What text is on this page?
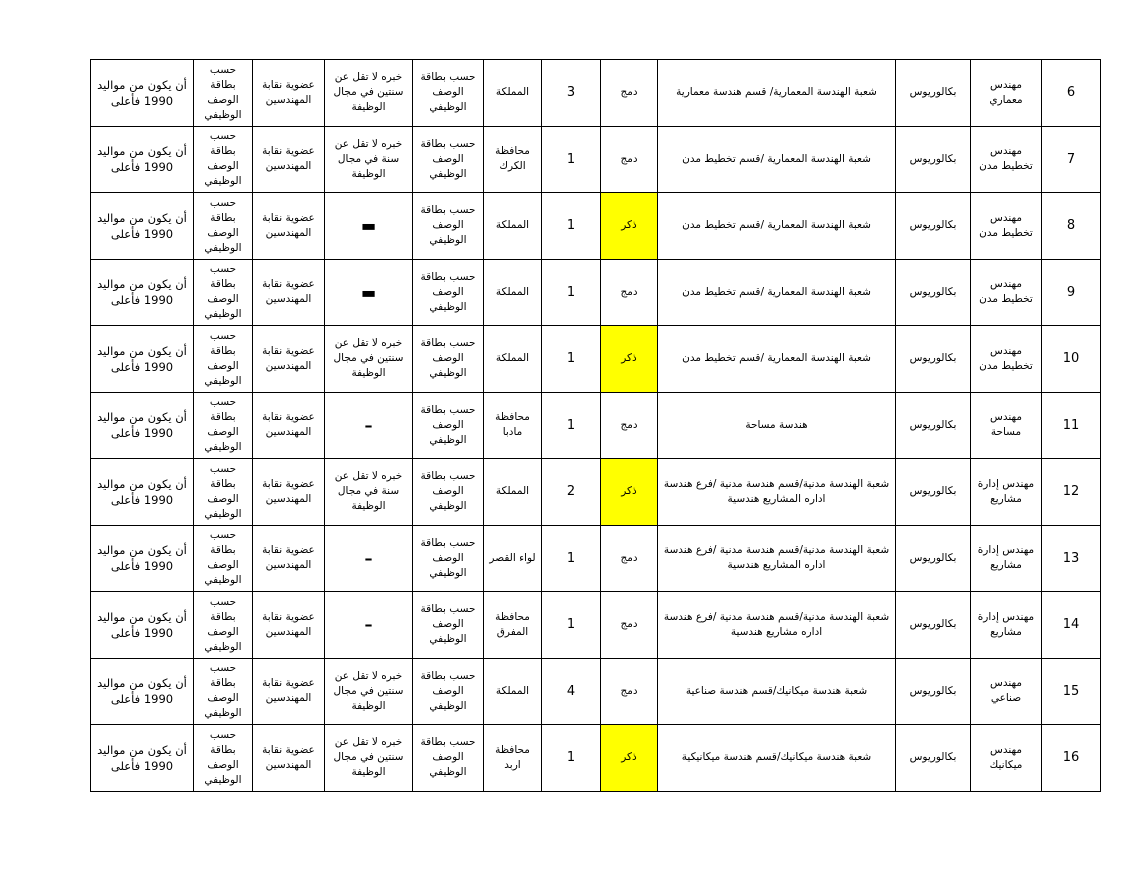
6	مهندس معماري	بكالوريوس	شعبة الهندسة المعمارية/ قسم هندسة معمارية	دمج	3	المملكة	حسب بطاقة الوصف الوظيفي	خبره لا تقل عن سنتين في مجال الوظيفة	عضوية نقابة المهندسين	حسب بطاقة الوصف الوظيفي	أن يكون من مواليد 1990 فأعلى
7	مهندس تخطيط مدن	بكالوريوس	شعبة الهندسة المعمارية /قسم تخطيط مدن	دمج	1	محافظة الكرك	حسب بطاقة الوصف الوظيفي	خبره لا تقل عن سنة في مجال الوظيفة	عضوية نقابة المهندسين	حسب بطاقة الوصف الوظيفي	أن يكون من مواليد 1990 فأعلى
8	مهندس تخطيط مدن	بكالوريوس	شعبة الهندسة المعمارية /قسم تخطيط مدن	ذكر	1	المملكة	حسب بطاقة الوصف الوظيفي	▬	عضوية نقابة المهندسين	حسب بطاقة الوصف الوظيفي	أن يكون من مواليد 1990 فأعلى
9	مهندس تخطيط مدن	بكالوريوس	شعبة الهندسة المعمارية /قسم تخطيط مدن	دمج	1	المملكة	حسب بطاقة الوصف الوظيفي	▬	عضوية نقابة المهندسين	حسب بطاقة الوصف الوظيفي	أن يكون من مواليد 1990 فأعلى
10	مهندس تخطيط مدن	بكالوريوس	شعبة الهندسة المعمارية /قسم تخطيط مدن	ذكر	1	المملكة	حسب بطاقة الوصف الوظيفي	خبره لا تقل عن سنتين في مجال الوظيفة	عضوية نقابة المهندسين	حسب بطاقة الوصف الوظيفي	أن يكون من مواليد 1990 فأعلى
11	مهندس مساحة	بكالوريوس	هندسة مساحة	دمج	1	محافظة مادبا	حسب بطاقة الوصف الوظيفي	–	عضوية نقابة المهندسين	حسب بطاقة الوصف الوظيفي	أن يكون من مواليد 1990 فأعلى
12	مهندس إدارة مشاريع	بكالوريوس	شعبة الهندسة مدنية/قسم هندسة مدنية /فرع هندسة اداره المشاريع هندسية	ذكر	2	المملكة	حسب بطاقة الوصف الوظيفي	خبره لا تقل عن سنة في مجال الوظيفة	عضوية نقابة المهندسين	حسب بطاقة الوصف الوظيفي	أن يكون من مواليد 1990 فأعلى
13	مهندس إدارة مشاريع	بكالوريوس	شعبة الهندسة مدنية/قسم هندسة مدنية /فرع هندسة اداره المشاريع هندسية	دمج	1	لواء القصر	حسب بطاقة الوصف الوظيفي	–	عضوية نقابة المهندسين	حسب بطاقة الوصف الوظيفي	أن يكون من مواليد 1990 فأعلى
14	مهندس إدارة مشاريع	بكالوريوس	شعبة الهندسة مدنية/قسم هندسة مدنية /فرع هندسة اداره مشاريع هندسية	دمج	1	محافظة المفرق	حسب بطاقة الوصف الوظيفي	–	عضوية نقابة المهندسين	حسب بطاقة الوصف الوظيفي	أن يكون من مواليد 1990 فأعلى
15	مهندس صناعي	بكالوريوس	شعبة هندسة ميكانيك/قسم هندسة صناعية	دمج	4	المملكة	حسب بطاقة الوصف الوظيفي	خبره لا تقل عن سنتين في مجال الوظيفة	عضوية نقابة المهندسين	حسب بطاقة الوصف الوظيفي	أن يكون من مواليد 1990 فأعلى
16	مهندس ميكانيك	بكالوريوس	شعبة هندسة ميكانيك/قسم هندسة ميكانيكية	ذكر	1	محافظة اربد	حسب بطاقة الوصف الوظيفي	خبره لا تقل عن سنتين في مجال الوظيفة	عضوية نقابة المهندسين	حسب بطاقة الوصف الوظيفي	أن يكون من مواليد 1990 فأعلى
